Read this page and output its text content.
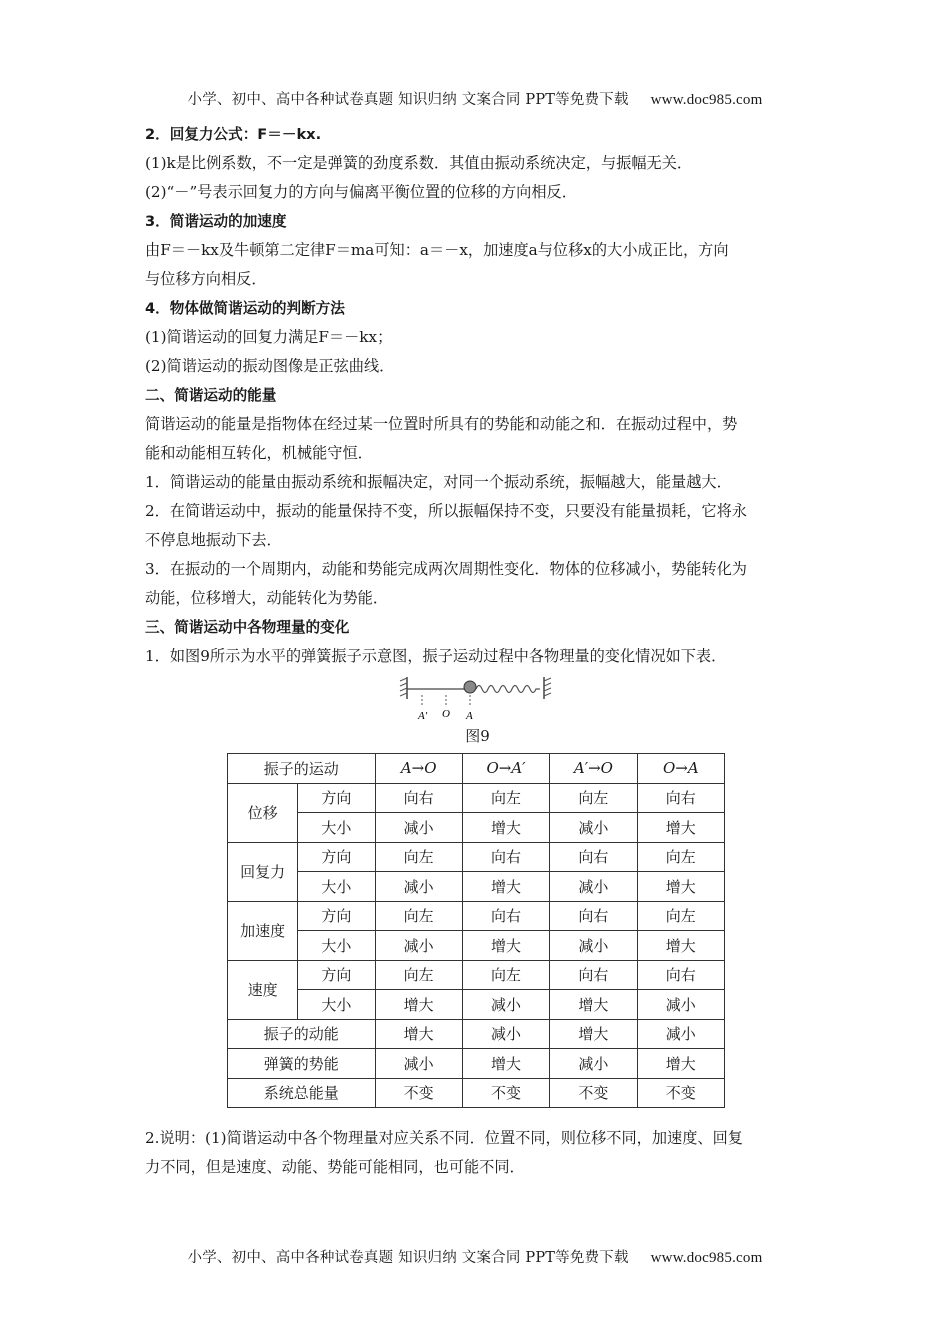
小学、初中、高中各种试卷真题 知识归纳 文案合同 PPT等免费下载 www.doc985.com
2．回复力公式：F＝－kx.
(1)k是比例系数，不一定是弹簧的劲度系数．其值由振动系统决定，与振幅无关．
(2)“－”号表示回复力的方向与偏离平衡位置的位移的方向相反．
3．简谐运动的加速度
由F＝－kx及牛顿第二定律F＝ma可知：a＝－x，加速度a与位移x的大小成正比，方向
与位移方向相反．
4．物体做简谐运动的判断方法
(1)简谐运动的回复力满足F＝－kx；
(2)简谐运动的振动图像是正弦曲线．
二、简谐运动的能量
简谐运动的能量是指物体在经过某一位置时所具有的势能和动能之和．在振动过程中，势
能和动能相互转化，机械能守恒．
1．简谐运动的能量由振动系统和振幅决定，对同一个振动系统，振幅越大，能量越大．
2．在简谐运动中，振动的能量保持不变，所以振幅保持不变，只要没有能量损耗，它将永
不停息地振动下去．
3．在振动的一个周期内，动能和势能完成两次周期性变化．物体的位移减小，势能转化为
动能，位移增大，动能转化为势能．
三、简谐运动中各物理量的变化
1．如图9所示为水平的弹簧振子示意图，振子运动过程中各物理量的变化情况如下表．
A′ O A
图9
振子的运动		A→O	O→A′	A′→O	O→A
位移	方向	向右	向左	向左	向右
	大小	减小	增大	减小	增大
回复力	方向	向左	向右	向右	向左
	大小	减小	增大	减小	增大
加速度	方向	向左	向右	向右	向左
	大小	减小	增大	减小	增大
速度	方向	向左	向左	向右	向右
	大小	增大	减小	增大	减小
振子的动能		增大	减小	增大	减小
弹簧的势能		减小	增大	减小	增大
系统总能量		不变	不变	不变	不变
2.说明：(1)简谐运动中各个物理量对应关系不同．位置不同，则位移不同，加速度、回复
力不同，但是速度、动能、势能可能相同，也可能不同．
小学、初中、高中各种试卷真题 知识归纳 文案合同 PPT等免费下载 www.doc985.com
